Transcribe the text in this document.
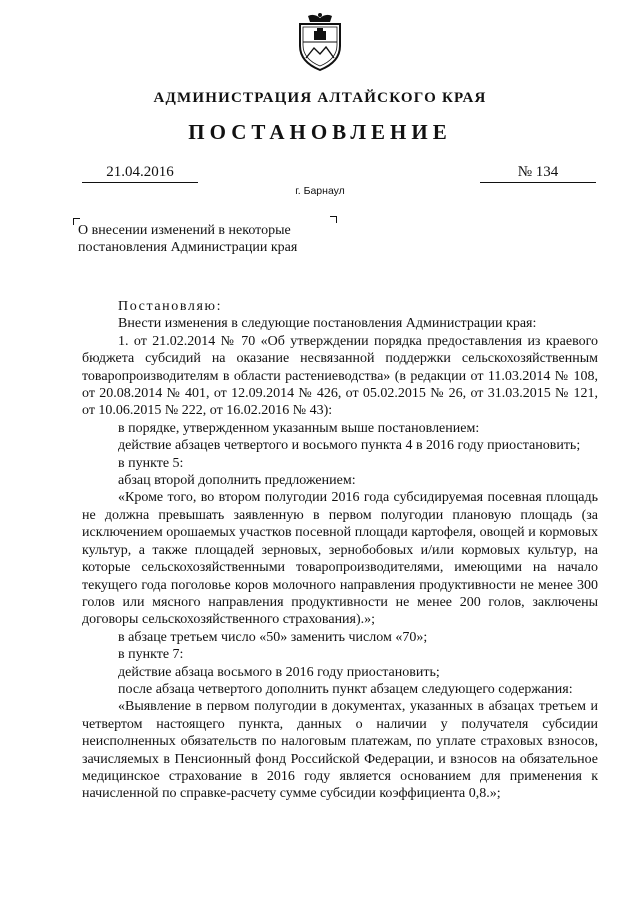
АДМИНИСТРАЦИЯ АЛТАЙСКОГО КРАЯ
ПОСТАНОВЛЕНИЕ
21.04.2016	№ 134
г. Барнаул
О внесении изменений в некоторые постановления Администрации края

Постановляю:

Внести изменения в следующие постановления Администрации края:

1. от 21.02.2014 № 70 «Об утверждении порядка предоставления из краевого бюджета субсидий на оказание несвязанной поддержки сельскохозяйственным товаропроизводителям в области растениеводства» (в редакции от 11.03.2014 № 108, от 20.08.2014 № 401, от 12.09.2014 № 426, от 05.02.2015 № 26, от 31.03.2015 № 121, от 10.06.2015 № 222, от 16.02.2016 № 43):

в порядке, утвержденном указанным выше постановлением:

действие абзацев четвертого и восьмого пункта 4 в 2016 году приостановить;

в пункте 5:

абзац второй дополнить предложением:

«Кроме того, во втором полугодии 2016 года субсидируемая посевная площадь не должна превышать заявленную в первом полугодии плановую площадь (за исключением орошаемых участков посевной площади картофеля, овощей и кормовых культур, а также площадей зерновых, зернобобовых и/или кормовых культур, на которые сельскохозяйственными товаропроизводителями, имеющими на начало текущего года поголовье коров молочного направления продуктивности не менее 300 голов или мясного направления продуктивности не менее 200 голов, заключены договоры сельскохозяйственного страхования).»;

в абзаце третьем число «50» заменить числом «70»;

в пункте 7:

действие абзаца восьмого в 2016 году приостановить;

после абзаца четвертого дополнить пункт абзацем следующего содержания:

«Выявление в первом полугодии в документах, указанных в абзацах третьем и четвертом настоящего пункта, данных о наличии у получателя субсидии неисполненных обязательств по налоговым платежам, по уплате страховых взносов, зачисляемых в Пенсионный фонд Российской Федерации, и взносов на обязательное медицинское страхование в 2016 году является основанием для применения к начисленной по справке-расчету сумме субсидии коэффициента 0,8.»;
